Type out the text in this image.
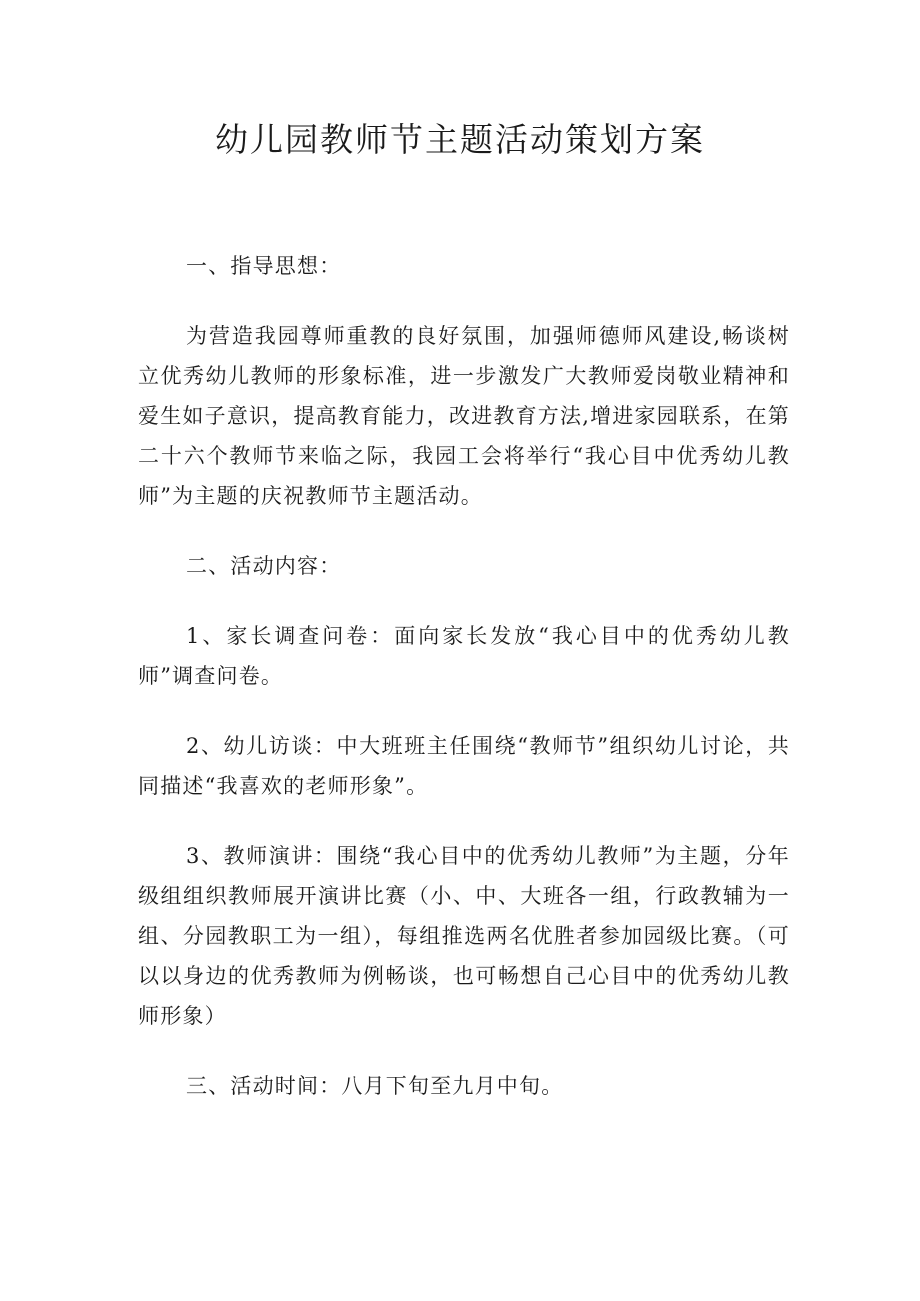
幼儿园教师节主题活动策划方案

一、指导思想：

为营造我园尊师重教的良好氛围，加强师德师风建设,畅谈树立优秀幼儿教师的形象标准，进一步激发广大教师爱岗敬业精神和爱生如子意识，提高教育能力，改进教育方法,增进家园联系，在第二十六个教师节来临之际，我园工会将举行“我心目中优秀幼儿教师”为主题的庆祝教师节主题活动。

二、活动内容：

1、家长调查问卷：面向家长发放“我心目中的优秀幼儿教师”调查问卷。

2、幼儿访谈：中大班班主任围绕“教师节”组织幼儿讨论，共同描述“我喜欢的老师形象”。

3、教师演讲：围绕“我心目中的优秀幼儿教师”为主题，分年级组组织教师展开演讲比赛（小、中、大班各一组，行政教辅为一组、分园教职工为一组），每组推选两名优胜者参加园级比赛。（可以以身边的优秀教师为例畅谈，也可畅想自己心目中的优秀幼儿教师形象）

三、活动时间：八月下旬至九月中旬。
